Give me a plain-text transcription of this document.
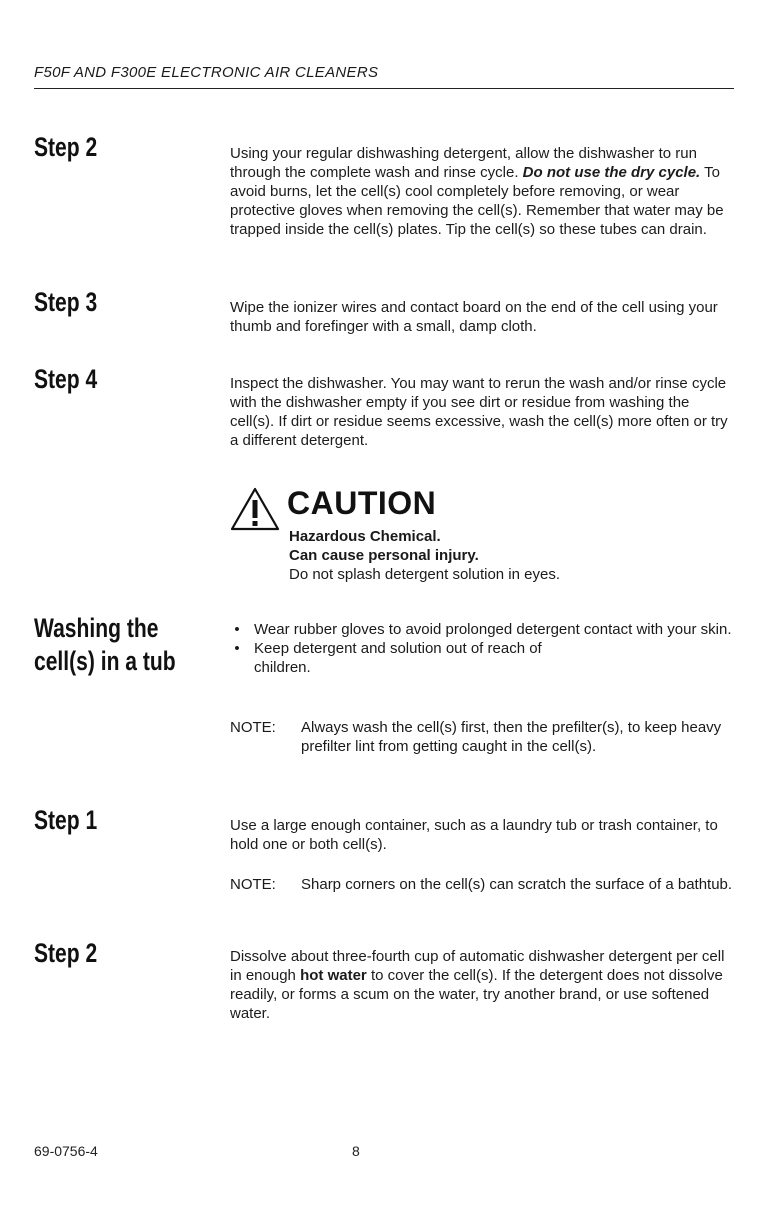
F50F AND F300E ELECTRONIC AIR CLEANERS
Step 2	Using your regular dishwashing detergent, allow the dishwasher to run through the complete wash and rinse cycle. Do not use the dry cycle. To avoid burns, let the cell(s) cool completely before removing, or wear protective gloves when removing the cell(s). Remember that water may be trapped inside the cell(s) plates. Tip the cell(s) so these tubes can drain.

Step 3	Wipe the ionizer wires and contact board on the end of the cell using your thumb and forefinger with a small, damp cloth.
Step 4	Inspect the dishwasher. You may want to rerun the wash and/or rinse cycle with the dishwasher empty if you see dirt or residue from washing the cell(s). If dirt or residue seems excessive, wash the cell(s) more often or try a different detergent.
CAUTION
Hazardous Chemical.
Can cause personal injury.
Do not splash detergent solution in eyes.
Washing the
cell(s) in a tub
• Wear rubber gloves to avoid prolonged detergent contact with your skin.
• Keep detergent and solution out of reach of children.
NOTE: Always wash the cell(s) first, then the prefilter(s), to keep heavy prefilter lint from getting caught in the cell(s).
Step 1	Use a large enough container, such as a laundry tub or trash container, to hold one or both cell(s).
NOTE: Sharp corners on the cell(s) can scratch the surface of a bathtub.
Step 2	Dissolve about three-fourth cup of automatic dishwasher detergent per cell in enough hot water to cover the cell(s). If the detergent does not dissolve readily, or forms a scum on the water, try another brand, or use softened water.

69-0756-4	8
